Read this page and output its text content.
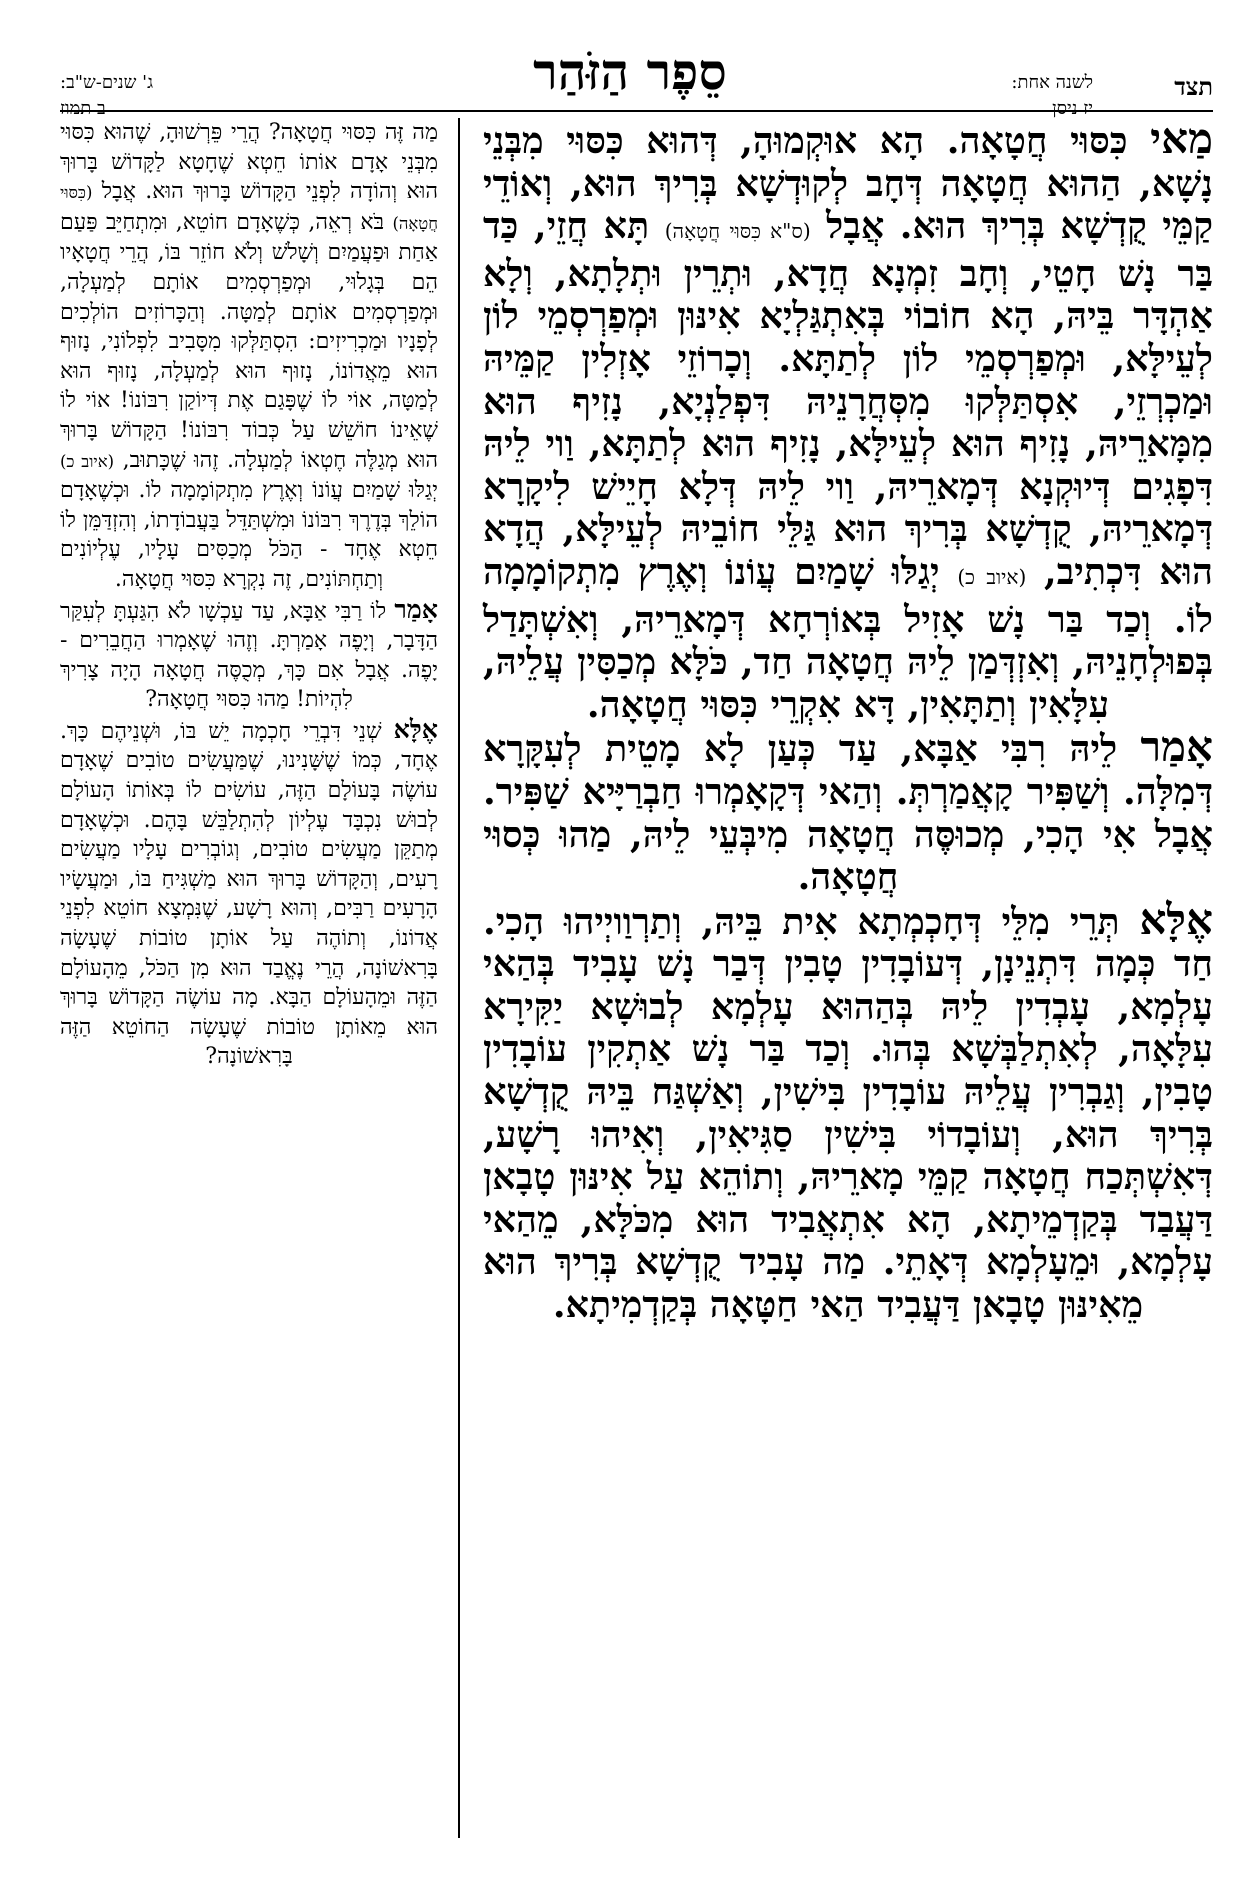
תצד
לשנה אחת:
יז ניסן
סֵפֶר הַזֹּהַר
ג' שנים-ש"ב:
ב תמוז

מַאי כִּסּוּי חֲטָאָה. הָא אוּקְמוּהָ, דְּהוּא כִּסּוּי מִבְּנֵי נָשָׁא, הַהוּא חֲטָאָה דְּחָב לְקוּדְשָׁא בְּרִיךְ הוּא, וְאוֹדֵי קַמֵּי קֻדְשָׁא בְּרִיךְ הוּא. אֲבָל (ס"א כִּסּוּי חֲטָאָה) תָּא חֲזֵי, כַּד בַּר נָשׁ חָטֵי, וְחָב זִמְנָא חֲדָא, וּתְרֵין וּתְלָתָא, וְלָא אַהְדָּר בֵּיהּ, הָא חוֹבוֹי בְּאִתְגַּלְיָא אִינּוּן וּמְפַרְסְמֵי לוֹן לְעֵילָּא, וּמְפַרְסְמֵי לוֹן לְתַתָּא. וְכָרוֹזֵי אָזְלִין קַמֵּיהּ וּמַכְרְזֵי, אִסְתַּלְּקוּ מִסְּחֲרָנֵיהּ דִּפְלַנְיָא, נָזִיף הוּא מִמָּארֵיהּ, נָזִיף הוּא לְעֵילָּא, נָזִיף הוּא לְתַתָּא, וַוי לֵיהּ דִּפָגִים דְּיוּקְנָא דְּמָארֵיהּ, וַוי לֵיהּ דְּלָא חָיֵישׁ לִיקָרָא דְּמָארֵיהּ, קֻדְשָׁא בְּרִיךְ הוּא גַּלֵּי חוֹבֵיהּ לְעֵילָּא, הֲדָא הוּא דִּכְתִיב, (איוב כ) יְגַלּוּ שָׁמַיִם עֲוֹנוֹ וְאֶרֶץ מִתְקוֹמָמָה לוֹ. וְכַד בַּר נָשׁ אָזִיל בְּאוֹרְחָא דְּמָארֵיהּ, וְאִשְׁתָּדַל בְּפוּלְחָנֵיהּ, וְאִזְדְּמַן לֵיהּ חֲטָאָה חַד, כֹּלָּא מְכַסִּין עֲלֵיהּ, עִלָּאִין וְתַתָּאִין, דָּא אִקְרֵי כִּסּוּי חֲטָאָה.

אָמַר לֵיהּ רִבִּי אַבָּא, עַד כְּעַן לָא מָטֵית לְעִקָּרָא דְּמִלָּה. וְשַׁפִּיר קָאֲמַרְתְּ. וְהַאי דְּקָאָמְרוּ חַבְרַיָּיא שַׁפִּיר. אֲבָל אִי הָכִי, מְכוּסֶּה חֲטָאָה מִיבְּעֵי לֵיהּ, מַהוּ כְּסוּי חֲטָאָה.

אֶלָּא תְּרֵי מִלֵּי דְּחָכְמְתָא אִית בֵּיהּ, וְתַרְוַויְיהוּ הָכִי. חַד כְּמָה דִּתְנֵינָן, דְּעוֹבָדִין טָבִין דְּבַר נָשׁ עָבִיד בְּהַאי עָלְמָא, עָבְדִין לֵיהּ בְּהַהוּא עָלְמָא לְבוּשָׁא יַקִּירָא עִלָּאָה, לְאִתְלַבְּשָׁא בְּהוּ. וְכַד בַּר נָשׁ אַתְקִין עוֹבָדִין טָבִין, וְגַבְרִין עֲלֵיהּ עוֹבָדִין בִּישִׁין, וְאַשְׁגַּח בֵּיהּ קֻדְשָׁא בְּרִיךְ הוּא, וְעוֹבָדוֹי בִּישִׁין סַגִּיאִין, וְאִיהוּ רָשָׁע, דְּאִשְׁתְּכַח חֲטָאָה קַמֵּי מָארֵיהּ, וְתוֹהֵא עַל אִינּוּן טָבָאן דַּעֲבַד בְּקַדְמֵיתָא, הָא אִתְאֲבִיד הוּא מִכֹּלָּא, מֵהַאי עָלְמָא, וּמֵעָלְמָא דְּאָתֵי. מַה עָבִיד קֻדְשָׁא בְּרִיךְ הוּא מֵאִינּוּן טָבָאן דַּעֲבִיד הַאי חַטָּאָה בְּקַדְמִיתָא.

מַה זֶּה כִּסּוּי חֲטָאָה? הֲרֵי פֵּרְשׁוּהָ, שֶׁהוּא כִּסּוּי מִבְּנֵי אָדָם אוֹתוֹ חֵטְא שֶׁחָטָא לַקָּדוֹשׁ בָּרוּךְ הוּא וְהוֹדָה לִפְנֵי הַקָּדוֹשׁ בָּרוּךְ הוּא. אֲבָל (כִּסּוּי חֲטָאָה) בֹּא רְאֵה, כְּשֶׁאָדָם חוֹטֵא, וּמִתְחַיֵּב פַּעַם אַחַת וּפַעֲמַיִם וְשָׁלֹשׁ וְלֹא חוֹזֵר בּוֹ, הֲרֵי חֲטָאָיו הֵם בְּגָלוּי, וּמְפַרְסְמִים אוֹתָם לְמַעְלָה, וּמְפַרְסְמִים אוֹתָם לְמַטָּה. וְהַכָּרוֹזִים הוֹלְכִים לְפָנָיו וּמַכְרִיזִים: הִסְתַּלְּקוּ מִסָּבִיב לִפְלוֹנִי, נָזוּף הוּא מֵאֲדוֹנוֹ, נָזוּף הוּא לְמַעְלָה, נָזוּף הוּא לְמַטָּה, אוֹי לוֹ שֶׁפָּגַם אֶת דְּיוֹקַן רִבּוֹנוֹ! אוֹי לוֹ שֶׁאֵינוֹ חוֹשֵׁשׁ עַל כְּבוֹד רִבּוֹנוֹ! הַקָּדוֹשׁ בָּרוּךְ הוּא מְגַלֶּה חֶטְאוֹ לְמַעְלָה. זֶהוּ שֶׁכָּתוּב, (איוב כ) יְגַלּוּ שָׁמַיִם עֲוֹנוֹ וְאֶרֶץ מִתְקוֹמָמָה לוֹ. וּכְשֶׁאָדָם הוֹלֵךְ בְּדֶרֶךְ רִבּוֹנוֹ וּמִשְׁתַּדֵּל בַּעֲבוֹדָתוֹ, וְהִזְדַּמֵּן לוֹ חֵטְא אֶחָד - הַכֹּל מְכַסִּים עָלָיו, עֶלְיוֹנִים וְתַחְתּוֹנִים, זֶה נִקְרָא כִּסּוּי חֲטָאָה.

אָמַר לוֹ רַבִּי אַבָּא, עַד עַכְשָׁו לֹא הִגַּעְתָּ לְעִקַּר הַדָּבָר, וְיָפֶה אָמַרְתָּ. וְזֶהוּ שֶׁאָמְרוּ הַחֲבֵרִים - יָפֶה. אֲבָל אִם כָּךְ, מְכֻסֶּה חֲטָאָה הָיָה צָרִיךְ לִהְיוֹת! מַהוּ כִּסּוּי חֲטָאָה?

אֶלָּא שְׁנֵי דִּבְרֵי חָכְמָה יֵשׁ בּוֹ, וּשְׁנֵיהֶם כָּךְ. אֶחָד, כְּמוֹ שֶׁשָּׁנִינוּ, שֶׁמַּעֲשִׂים טוֹבִים שֶׁאָדָם עוֹשֶׂה בָּעוֹלָם הַזֶּה, עוֹשִׂים לוֹ בְּאוֹתוֹ הָעוֹלָם לְבוּשׁ נִכְבָּד עֶלְיוֹן לְהִתְלַבֵּשׁ בָּהֶם. וּכְשֶׁאָדָם מְתַקֵּן מַעֲשִׂים טוֹבִים, וְגוֹבְרִים עָלָיו מַעֲשִׂים רָעִים, וְהַקָּדוֹשׁ בָּרוּךְ הוּא מַשְׁגִּיחַ בּוֹ, וּמַעֲשָׂיו הָרָעִים רַבִּים, וְהוּא רָשָׁע, שֶׁנִּמְצָא חוֹטֵא לִפְנֵי אֲדוֹנוֹ, וְתוֹהֶה עַל אוֹתָן טוֹבוֹת שֶׁעָשָׂה בָּרִאשׁוֹנָה, הֲרֵי נֶאֱבַד הוּא מִן הַכֹּל, מֵהָעוֹלָם הַזֶּה וּמֵהָעוֹלָם הַבָּא. מָה עוֹשֶׂה הַקָּדוֹשׁ בָּרוּךְ הוּא מֵאוֹתָן טוֹבוֹת שֶׁעָשָׂה הַחוֹטֵא הַזֶּה בָּרִאשׁוֹנָה?
